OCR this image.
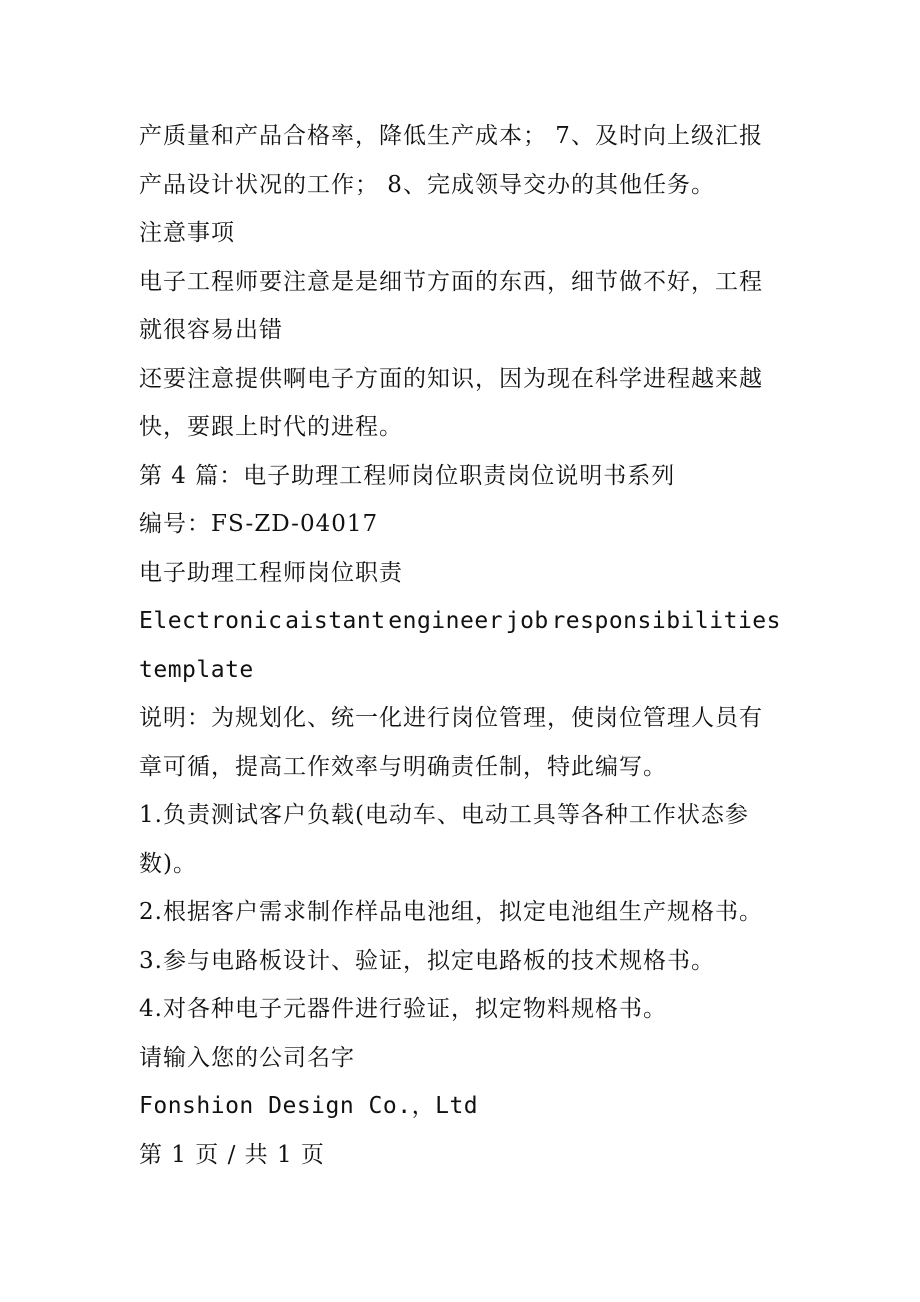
产质量和产品合格率，降低生产成本； 7、及时向上级汇报
产品设计状况的工作； 8、完成领导交办的其他任务。
注意事项
电子工程师要注意是是细节方面的东西，细节做不好，工程
就很容易出错
还要注意提供啊电子方面的知识，因为现在科学进程越来越
快，要跟上时代的进程。
第 4 篇：电子助理工程师岗位职责岗位说明书系列
编号：FS-ZD-04017
电子助理工程师岗位职责
Electronic aistant engineer job responsibilities
template
说明：为规划化、统一化进行岗位管理，使岗位管理人员有
章可循，提高工作效率与明确责任制，特此编写。
1.负责测试客户负载(电动车、电动工具等各种工作状态参
数)。
2.根据客户需求制作样品电池组，拟定电池组生产规格书。
3.参与电路板设计、验证，拟定电路板的技术规格书。
4.对各种电子元器件进行验证，拟定物料规格书。
请输入您的公司名字
Fonshion Design Co.，Ltd
第 1 页 / 共 1 页
